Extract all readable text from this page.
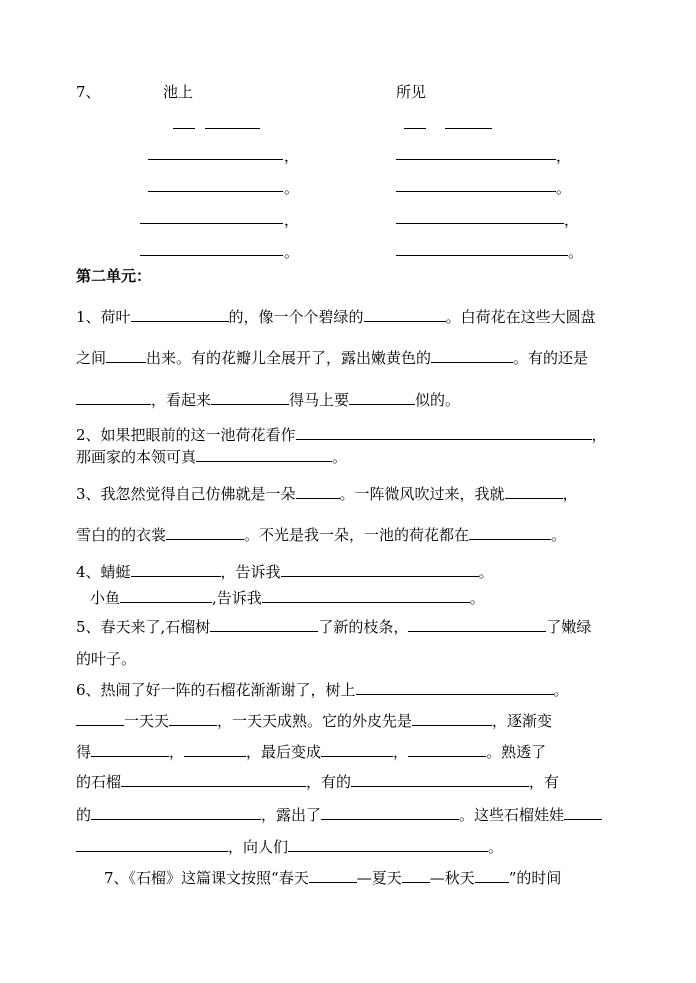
7、	池上	所见
，
。
，
。
，
。
，
。
第二单元：
1、荷叶	的，像一个个碧绿的	。白荷花在这些大圆盘
之间	出来。有的花瓣儿全展开了，露出嫩黄色的	。有的还是
，看起来	得马上要	似的。
2、如果把眼前的这一池荷花看作	，
那画家的本领可真	。
3、我忽然觉得自己仿佛就是一朵	。一阵微风吹过来，我就	，
雪白的的衣裳	。不光是我一朵，一池的荷花都在	。
4、蜻蜓	，告诉我	。
小鱼	,告诉我	。
5、春天来了,石榴树	了新的枝条，	了嫩绿
的叶子。
6、热闹了好一阵的石榴花渐渐谢了，树上	。
一天天	，一天天成熟。它的外皮先是	，逐渐变
得	，	，最后变成	，	。熟透了
的石榴	，有的	，有
的	，露出了	。这些石榴娃娃
，向人们	。
7、《石榴》这篇课文按照“春天	—夏天 —秋天 ”的时间
